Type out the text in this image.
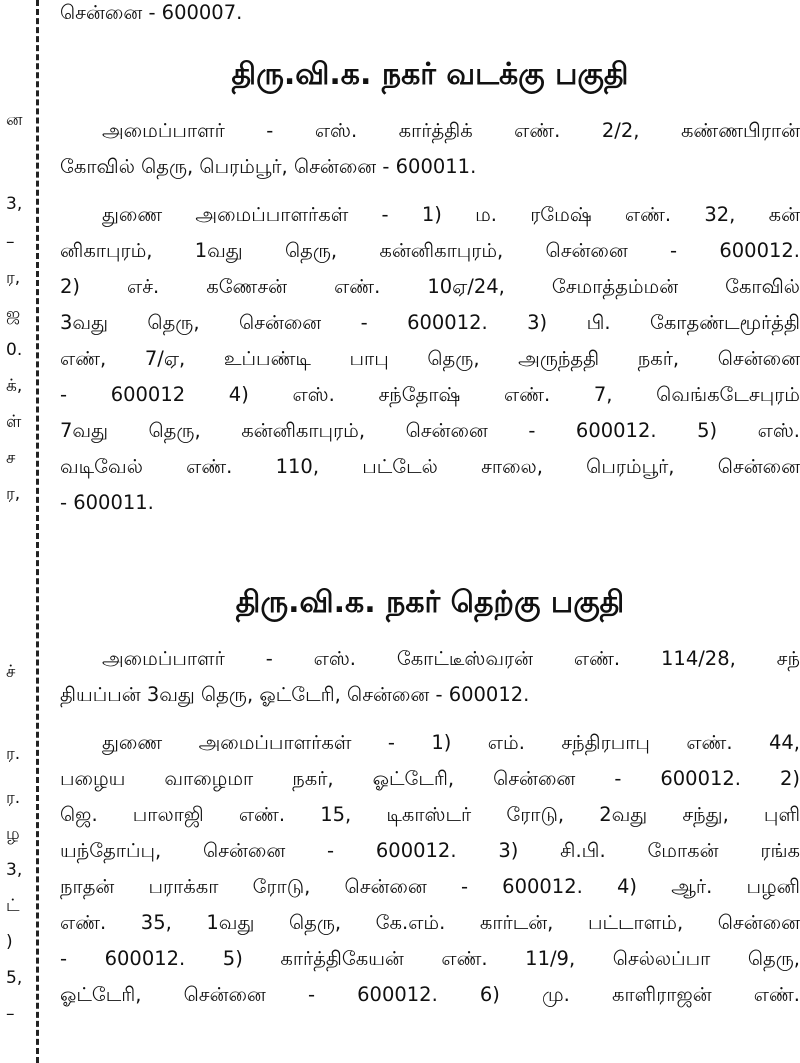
ன
3,
–
ர,
ஜ
0.
க்,
ள்
ச
ர,
ச்
ர.
ர.
ழ
3,
ட்
)
5,
–
சென்னை - 600007.
திரு.வி.க. நகர் வடக்கு பகுதி
அமைப்பாளர் - எஸ். கார்த்திக் எண். 2/2, கண்ணபிரான்
கோவில் தெரு, பெரம்பூர், சென்னை - 600011.
துணை அமைப்பாளர்கள் - 1) ம. ரமேஷ் எண். 32, கன்
னிகாபுரம், 1வது தெரு, கன்னிகாபுரம், சென்னை - 600012.
2) எச். கணேசன் எண். 10ஏ/24, சேமாத்தம்மன் கோவில்
3வது தெரு, சென்னை - 600012. 3) பி. கோதண்டமூர்த்தி
எண், 7/ஏ, உப்பண்டி பாபு தெரு, அருந்ததி நகர், சென்னை
- 600012 4) எஸ். சந்தோஷ் எண். 7, வெங்கடேசபுரம்
7வது தெரு, கன்னிகாபுரம், சென்னை - 600012. 5) எஸ்.
வடிவேல் எண். 110, பட்டேல் சாலை, பெரம்பூர், சென்னை
- 600011.
திரு.வி.க. நகர் தெற்கு பகுதி
அமைப்பாளர் - எஸ். கோட்டீஸ்வரன் எண். 114/28, சந்
தியப்பன் 3வது தெரு, ஓட்டேரி, சென்னை - 600012.
துணை அமைப்பாளர்கள் - 1) எம். சந்திரபாபு எண். 44,
பழைய வாழைமா நகர், ஓட்டேரி, சென்னை - 600012. 2)
ஜெ. பாலாஜி எண். 15, டிகாஸ்டர் ரோடு, 2வது சந்து, புளி
யந்தோப்பு, சென்னை - 600012. 3) சி.பி. மோகன் ரங்க
நாதன் பராக்கா ரோடு, சென்னை - 600012. 4) ஆர். பழனி
எண். 35, 1வது தெரு, கே.எம். கார்டன், பட்டாளம், சென்னை
- 600012. 5) கார்த்திகேயன் எண். 11/9, செல்லப்பா தெரு,
ஓட்டேரி, சென்னை - 600012. 6) மு. காளிராஜன் எண்.
